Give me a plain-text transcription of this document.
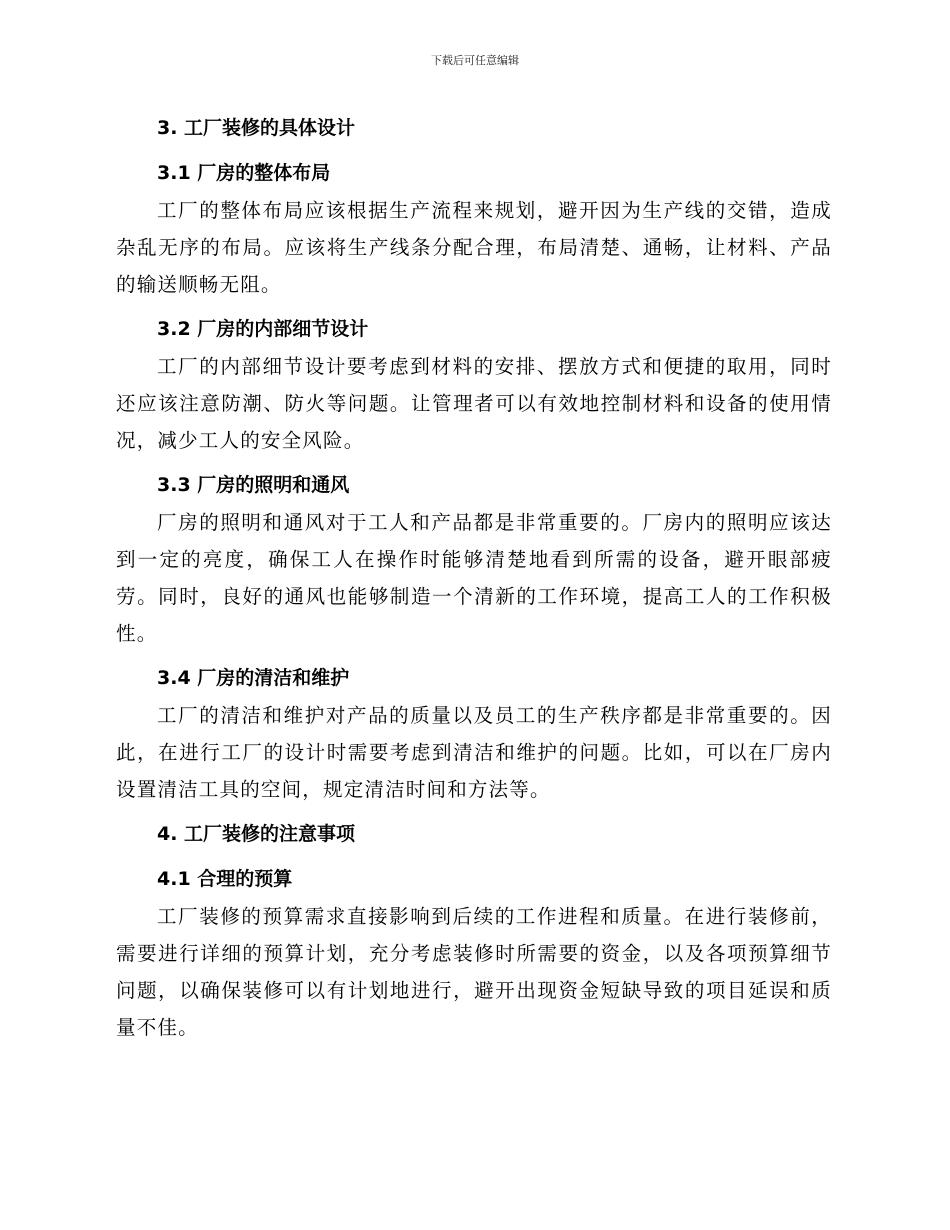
下载后可任意编辑
3. 工厂装修的具体设计
3.1 厂房的整体布局

工厂的整体布局应该根据生产流程来规划，避开因为生产线的交错，造成杂乱无序的布局。应该将生产线条分配合理，布局清楚、通畅，让材料、产品的输送顺畅无阻。

3.2 厂房的内部细节设计

工厂的内部细节设计要考虑到材料的安排、摆放方式和便捷的取用，同时还应该注意防潮、防火等问题。让管理者可以有效地控制材料和设备的使用情况，减少工人的安全风险。

3.3 厂房的照明和通风

厂房的照明和通风对于工人和产品都是非常重要的。厂房内的照明应该达到一定的亮度，确保工人在操作时能够清楚地看到所需的设备，避开眼部疲劳。同时，良好的通风也能够制造一个清新的工作环境，提高工人的工作积极性。

3.4 厂房的清洁和维护

工厂的清洁和维护对产品的质量以及员工的生产秩序都是非常重要的。因此，在进行工厂的设计时需要考虑到清洁和维护的问题。比如，可以在厂房内设置清洁工具的空间，规定清洁时间和方法等。

4. 工厂装修的注意事项
4.1 合理的预算

工厂装修的预算需求直接影响到后续的工作进程和质量。在进行装修前，需要进行详细的预算计划，充分考虑装修时所需要的资金，以及各项预算细节问题，以确保装修可以有计划地进行，避开出现资金短缺导致的项目延误和质量不佳。
